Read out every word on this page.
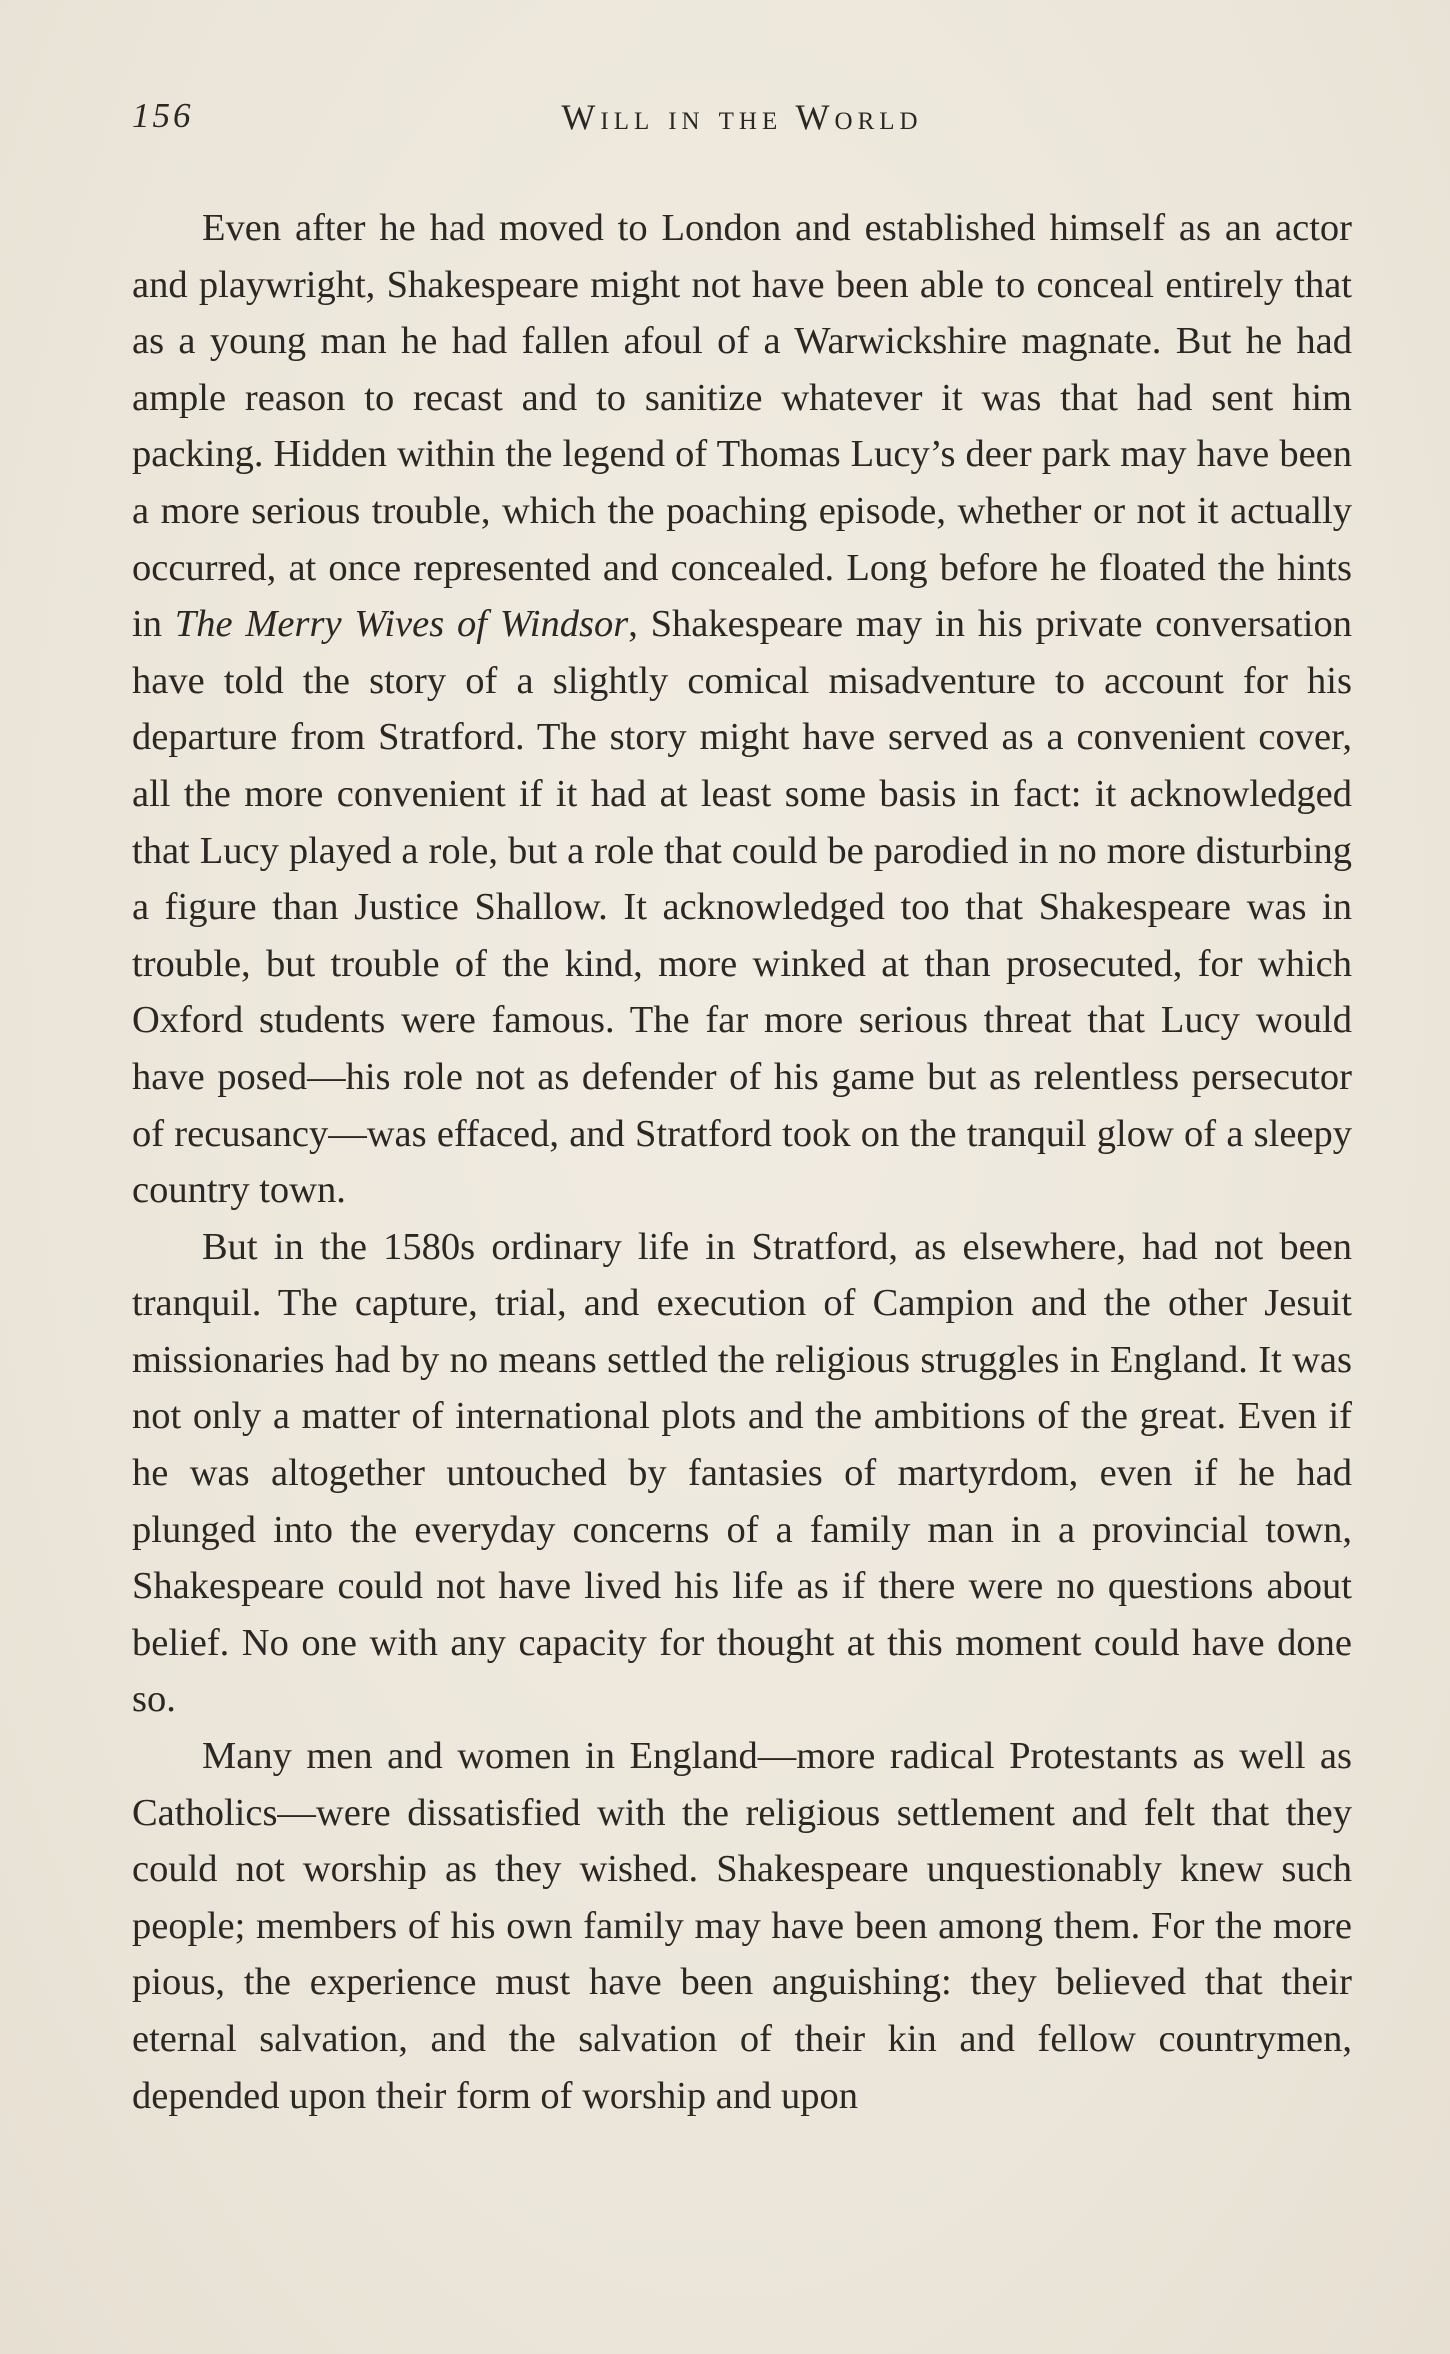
156	Will in the World

Even after he had moved to London and established himself as an actor and playwright, Shakespeare might not have been able to conceal entirely that as a young man he had fallen afoul of a Warwickshire magnate. But he had ample reason to recast and to sanitize whatever it was that had sent him packing. Hidden within the legend of Thomas Lucy’s deer park may have been a more serious trouble, which the poaching episode, whether or not it actually occurred, at once represented and concealed. Long before he floated the hints in The Merry Wives of Windsor, Shakespeare may in his private conversation have told the story of a slightly comical misadventure to account for his departure from Stratford. The story might have served as a convenient cover, all the more convenient if it had at least some basis in fact: it acknowledged that Lucy played a role, but a role that could be parodied in no more disturbing a figure than Justice Shallow. It acknowledged too that Shakespeare was in trouble, but trouble of the kind, more winked at than prosecuted, for which Oxford students were famous. The far more serious threat that Lucy would have posed—his role not as defender of his game but as relentless persecutor of recusancy—was effaced, and Stratford took on the tranquil glow of a sleepy country town.

But in the 1580s ordinary life in Stratford, as elsewhere, had not been tranquil. The capture, trial, and execution of Campion and the other Jesuit missionaries had by no means settled the religious struggles in England. It was not only a matter of international plots and the ambitions of the great. Even if he was altogether untouched by fantasies of martyrdom, even if he had plunged into the everyday concerns of a family man in a provincial town, Shakespeare could not have lived his life as if there were no questions about belief. No one with any capacity for thought at this moment could have done so.

Many men and women in England—more radical Protestants as well as Catholics—were dissatisfied with the religious settlement and felt that they could not worship as they wished. Shakespeare unquestionably knew such people; members of his own family may have been among them. For the more pious, the experience must have been anguishing: they believed that their eternal salvation, and the salvation of their kin and fellow countrymen, depended upon their form of worship and upon
